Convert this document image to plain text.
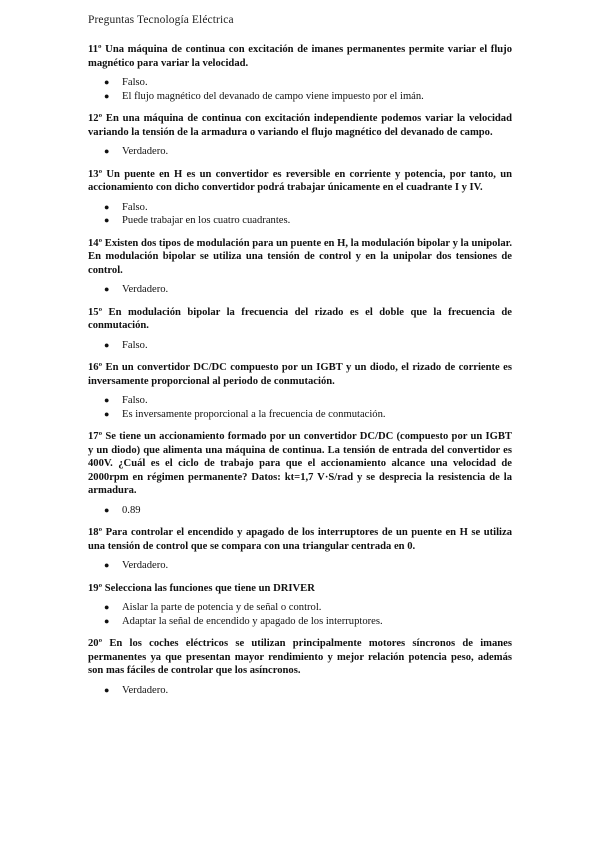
Preguntas Tecnología Eléctrica

11º Una máquina de continua con excitación de imanes permanentes permite variar el flujo magnético para variar la velocidad.

● Falso.
● El flujo magnético del devanado de campo viene impuesto por el imán.

12º En una máquina de continua con excitación independiente podemos variar la velocidad variando la tensión de la armadura o variando el flujo magnético del devanado de campo.

● Verdadero.

13º Un puente en H es un convertidor es reversible en corriente y potencia, por tanto, un accionamiento con dicho convertidor podrá trabajar únicamente en el cuadrante I y IV.

● Falso.
● Puede trabajar en los cuatro cuadrantes.

14º Existen dos tipos de modulación para un puente en H, la modulación bipolar y la unipolar. En modulación bipolar se utiliza una tensión de control y en la unipolar dos tensiones de control.

● Verdadero.

15º En modulación bipolar la frecuencia del rizado es el doble que la frecuencia de conmutación.

● Falso.

16º En un convertidor DC/DC compuesto por un IGBT y un diodo, el rizado de corriente es inversamente proporcional al periodo de conmutación.

● Falso.
● Es inversamente proporcional a la frecuencia de conmutación.

17º Se tiene un accionamiento formado por un convertidor DC/DC (compuesto por un IGBT y un diodo) que alimenta una máquina de continua. La tensión de entrada del convertidor es 400V. ¿Cuál es el ciclo de trabajo para que el accionamiento alcance una velocidad de 2000rpm en régimen permanente? Datos: kt=1,7 V·S/rad y se desprecia la resistencia de la armadura.

● 0.89

18º Para controlar el encendido y apagado de los interruptores de un puente en H se utiliza una tensión de control que se compara con una triangular centrada en 0.

● Verdadero.

19º Selecciona las funciones que tiene un DRIVER

● Aislar la parte de potencia y de señal o control.
● Adaptar la señal de encendido y apagado de los interruptores.

20º En los coches eléctricos se utilizan principalmente motores síncronos de imanes permanentes ya que presentan mayor rendimiento y mejor relación potencia peso, además son mas fáciles de controlar que los asíncronos.

● Verdadero.
